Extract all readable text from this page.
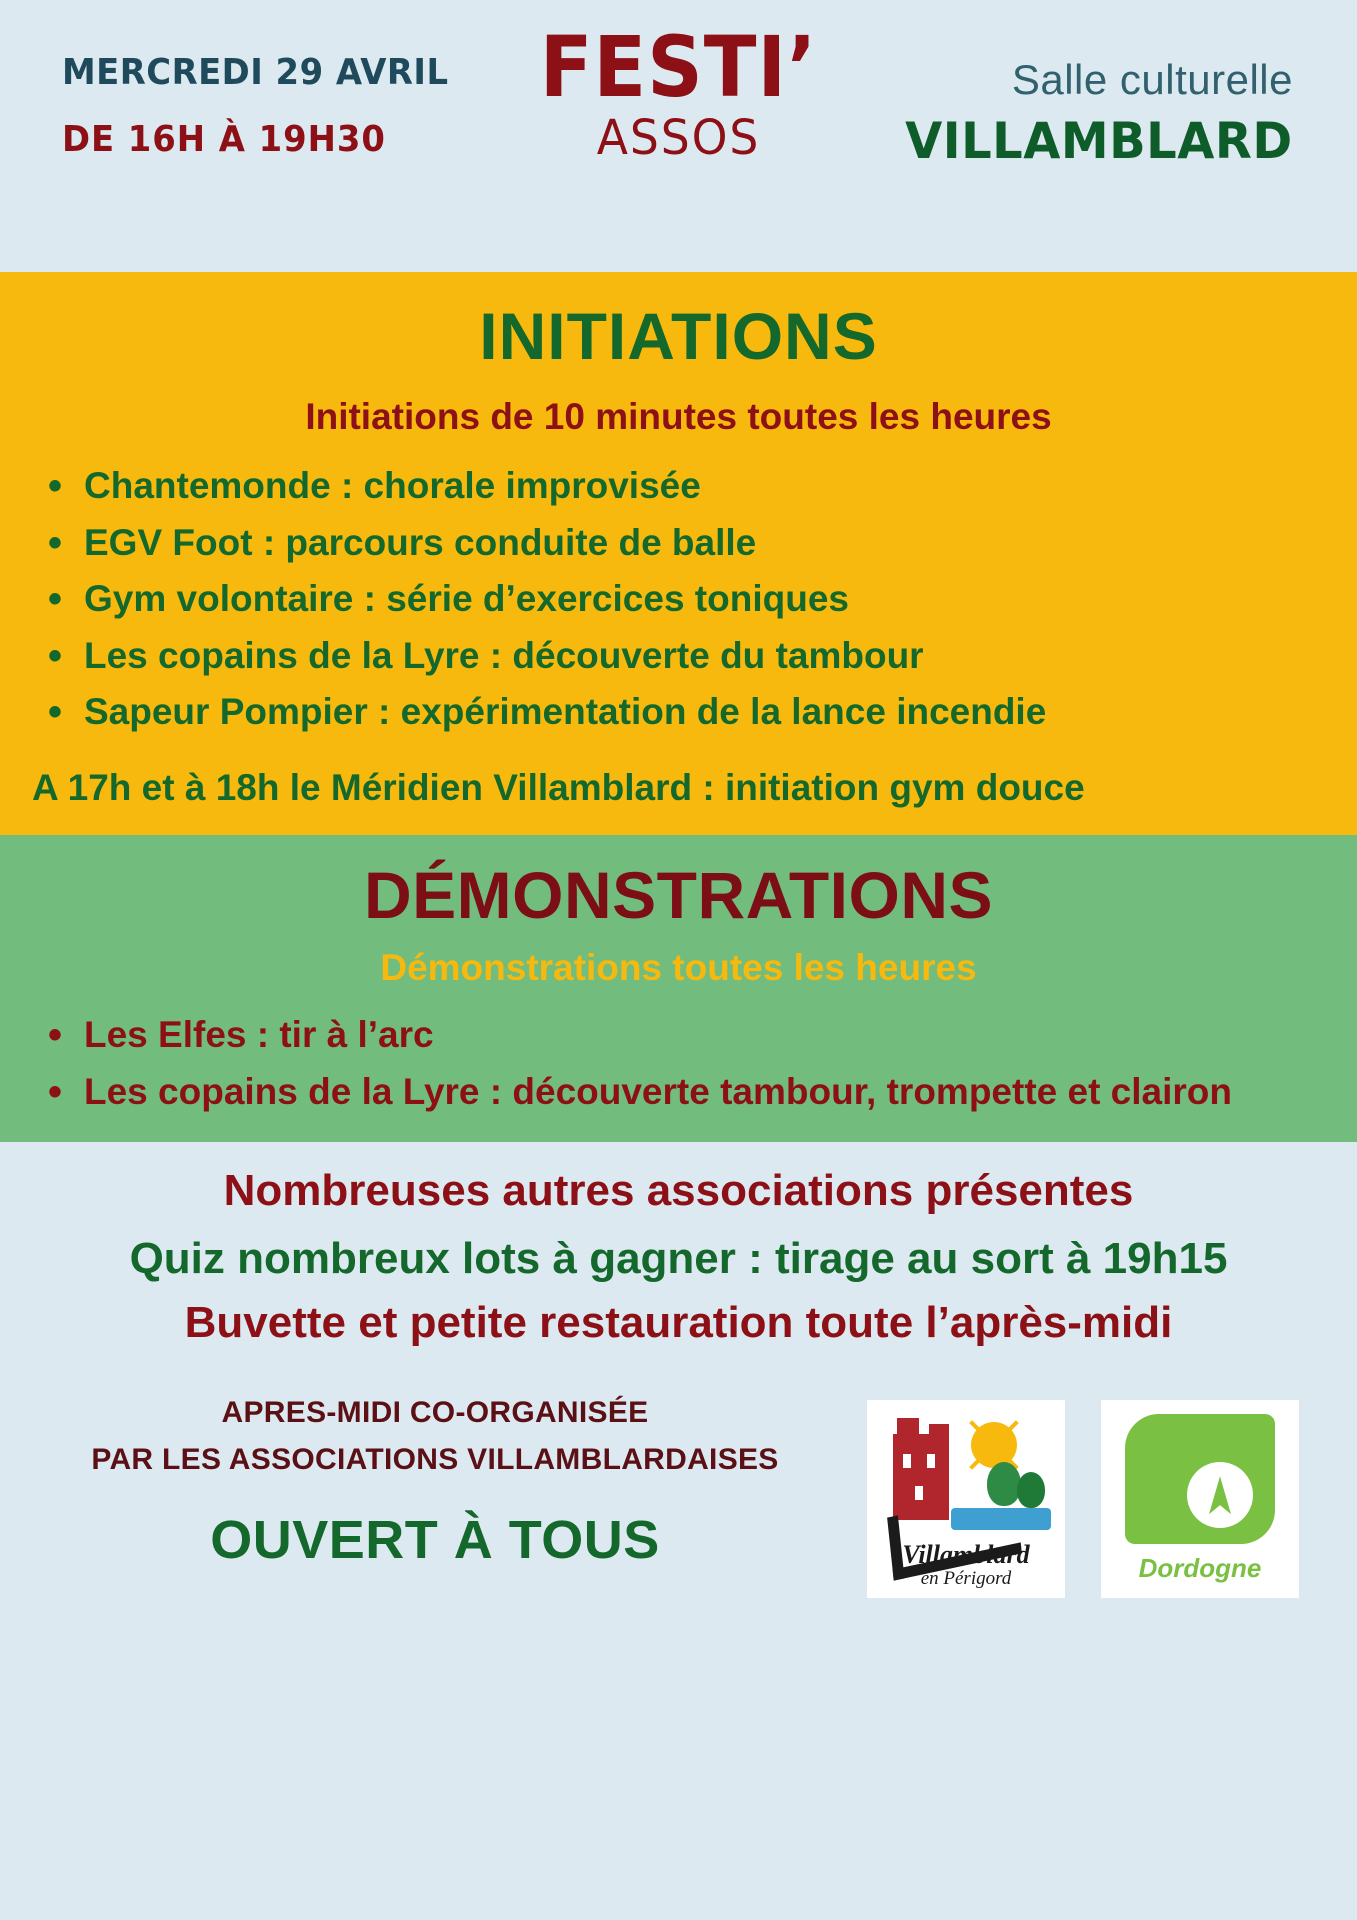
MERCREDI 29 AVRIL
DE 16H À 19H30
FESTI’
ASSOS
Salle culturelle
VILLAMBLARD
INITIATIONS
Initiations de 10 minutes toutes les heures
• Chantemonde : chorale improvisée
• EGV Foot : parcours conduite de balle
• Gym volontaire : série d’exercices toniques
• Les copains de la Lyre : découverte du tambour
• Sapeur Pompier : expérimentation de la lance incendie
A 17h et à 18h le Méridien Villamblard : initiation gym douce
DÉMONSTRATIONS
Démonstrations toutes les heures
• Les Elfes : tir à l’arc
• Les copains de la Lyre : découverte tambour, trompette et clairon
Nombreuses autres associations présentes
Quiz nombreux lots à gagner : tirage au sort à 19h15
Buvette et petite restauration toute l’après-midi
APRES-MIDI CO-ORGANISÉE
PAR LES ASSOCIATIONS VILLAMBLARDAISES
OUVERT À TOUS	Villamblard
en Périgord	Dordogne
